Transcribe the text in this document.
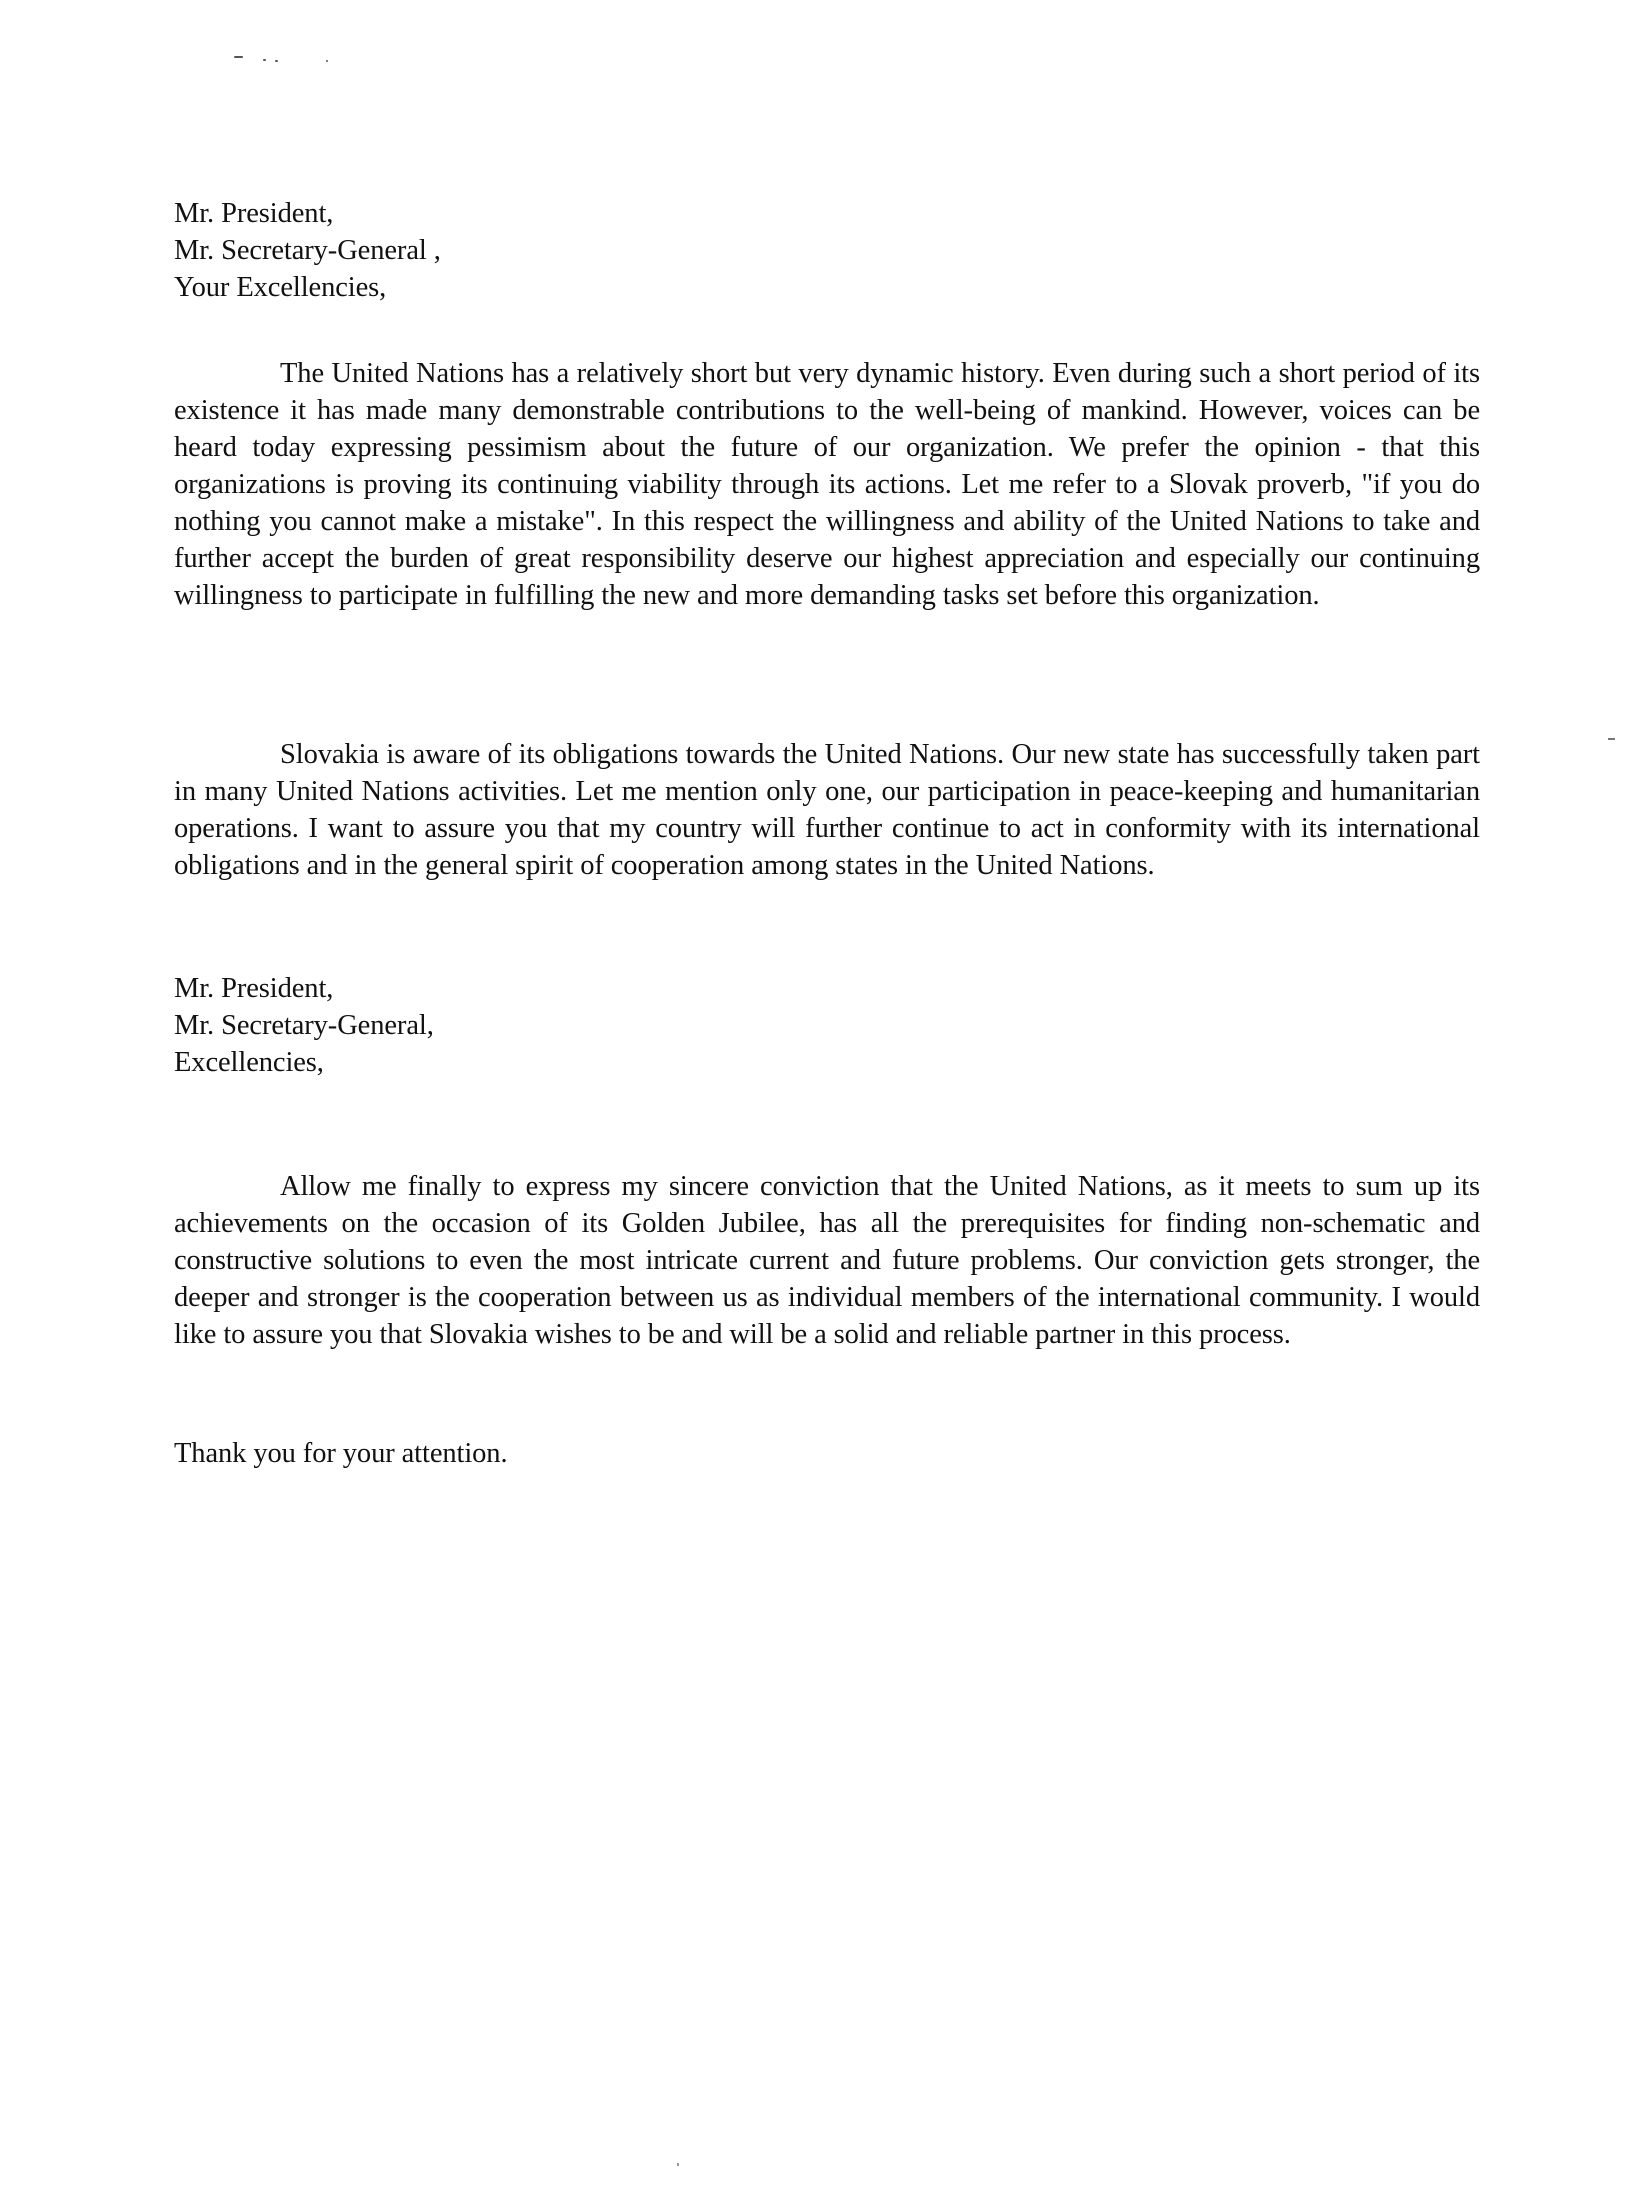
Mr. President,
Mr. Secretary-General ,
Your Excellencies,

The United Nations has a relatively short but very dynamic history. Even during such a short period of its existence it has made many demonstrable contributions to the well-being of mankind. However, voices can be heard today expressing pessimism about the future of our organization. We prefer the opinion - that this organizations is proving its continuing viability through its actions. Let me refer to a Slovak proverb, "if you do nothing you cannot make a mistake". In this respect the willingness and ability of the United Nations to take and further accept the burden of great responsibility deserve our highest appreciation and especially our continuing willingness to participate in fulfilling the new and more demanding tasks set before this organization.

Slovakia is aware of its obligations towards the United Nations. Our new state has successfully taken part in many United Nations activities. Let me mention only one, our participation in peace-keeping and humanitarian operations. I want to assure you that my country will further continue to act in conformity with its international obligations and in the general spirit of cooperation among states in the United Nations.

Mr. President,
Mr. Secretary-General,
Excellencies,

Allow me finally to express my sincere conviction that the United Nations, as it meets to sum up its achievements on the occasion of its Golden Jubilee, has all the prerequisites for finding non-schematic and constructive solutions to even the most intricate current and future problems. Our conviction gets stronger, the deeper and stronger is the cooperation between us as individual members of the international community. I would like to assure you that Slovakia wishes to be and will be a solid and reliable partner in this process.

Thank you for your attention.
